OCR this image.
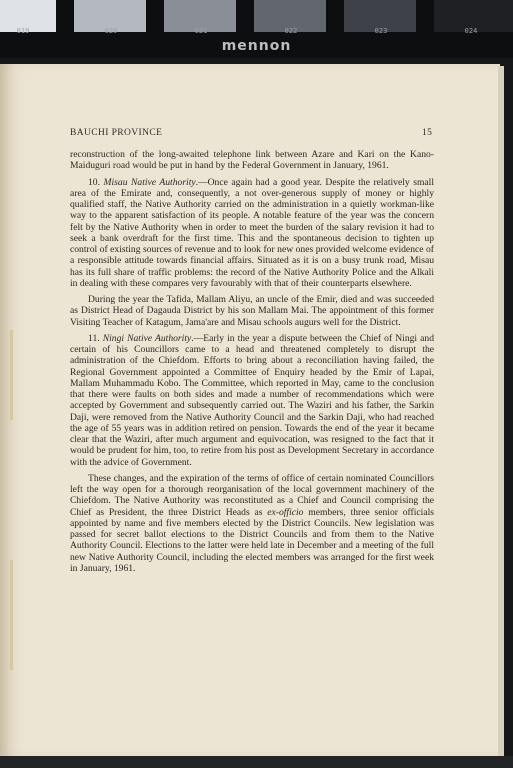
019	020	021	022	023	024
mennon
BAUCHI PROVINCE	15

reconstruction of the long-awaited telephone link between Azare and Kari on the Kano-Maiduguri road would be put in hand by the Federal Government in January, 1961.

10. Misau Native Authority.—Once again had a good year. Despite the relatively small area of the Emirate and, consequently, a not over-generous supply of money or highly qualified staff, the Native Authority carried on the administration in a quietly workman-like way to the apparent satisfaction of its people. A notable feature of the year was the concern felt by the Native Authority when in order to meet the burden of the salary revision it had to seek a bank overdraft for the first time. This and the spontaneous decision to tighten up control of existing sources of revenue and to look for new ones provided welcome evidence of a responsible attitude towards financial affairs. Situated as it is on a busy trunk road, Misau has its full share of traffic problems: the record of the Native Authority Police and the Alkali in dealing with these compares very favourably with that of their counterparts elsewhere.

During the year the Tafida, Mallam Aliyu, an uncle of the Emir, died and was succeeded as District Head of Dagauda District by his son Mallam Mai. The appointment of this former Visiting Teacher of Katagum, Jama'are and Misau schools augurs well for the District.

11. Ningi Native Authority.—Early in the year a dispute between the Chief of Ningi and certain of his Councillors came to a head and threatened completely to disrupt the administration of the Chiefdom. Efforts to bring about a reconciliation having failed, the Regional Government appointed a Committee of Enquiry headed by the Emir of Lapai, Mallam Muhammadu Kobo. The Committee, which reported in May, came to the conclusion that there were faults on both sides and made a number of recommendations which were accepted by Government and subsequently carried out. The Waziri and his father, the Sarkin Daji, were removed from the Native Authority Council and the Sarkin Daji, who had reached the age of 55 years was in addition retired on pension. Towards the end of the year it became clear that the Waziri, after much argument and equivocation, was resigned to the fact that it would be prudent for him, too, to retire from his post as Development Secretary in accordance with the advice of Government.

These changes, and the expiration of the terms of office of certain nominated Councillors left the way open for a thorough reorganisation of the local government machinery of the Chiefdom. The Native Authority was reconstituted as a Chief and Council comprising the Chief as President, the three District Heads as ex-officio members, three senior officials appointed by name and five members elected by the District Councils. New legislation was passed for secret ballot elections to the District Councils and from them to the Native Authority Council. Elections to the latter were held late in December and a meeting of the full new Native Authority Council, including the elected members was arranged for the first week in January, 1961.
